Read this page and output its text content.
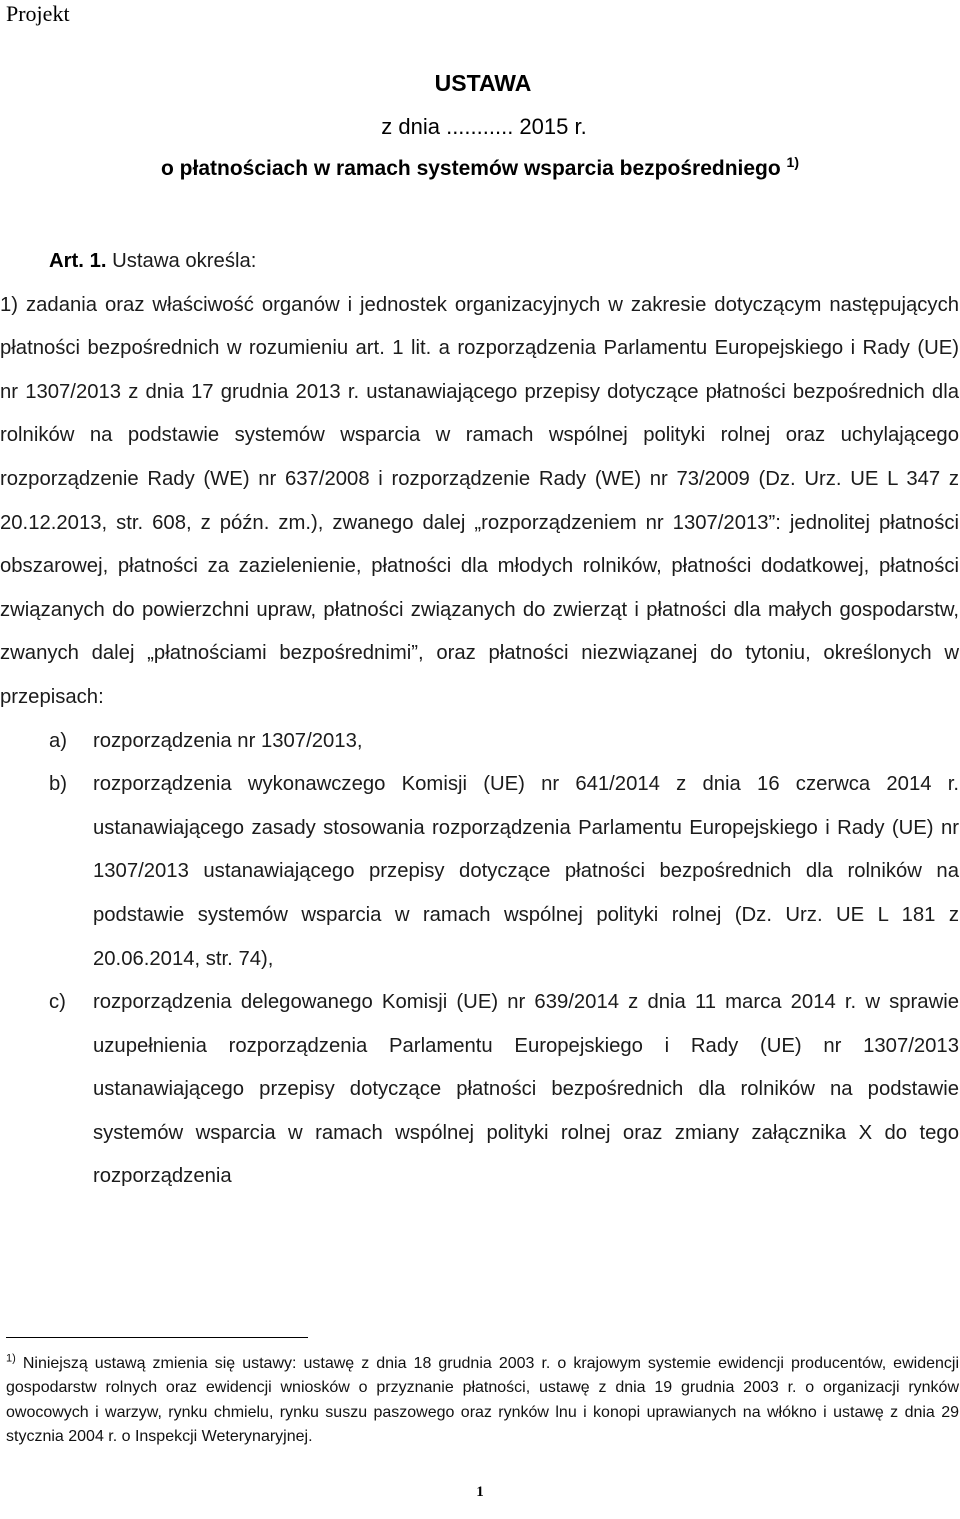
Projekt

USTAWA

z dnia ........... 2015 r.

o płatnościach w ramach systemów wsparcia bezpośredniego $^{1)}$

Art. 1. Ustawa określa:

1) zadania oraz właściwość organów i jednostek organizacyjnych w zakresie dotyczącym następujących płatności bezpośrednich w rozumieniu art. 1 lit. a rozporządzenia Parlamentu Europejskiego i Rady (UE) nr 1307/2013 z dnia 17 grudnia 2013 r. ustanawiającego przepisy dotyczące płatności bezpośrednich dla rolników na podstawie systemów wsparcia w ramach wspólnej polityki rolnej oraz uchylającego rozporządzenie Rady (WE) nr 637/2008 i rozporządzenie Rady (WE) nr 73/2009 (Dz. Urz. UE L 347 z 20.12.2013, str. 608, z późn. zm.), zwanego dalej „rozporządzeniem nr 1307/2013”: jednolitej płatności obszarowej, płatności za zazielenienie, płatności dla młodych rolników, płatności dodatkowej, płatności związanych do powierzchni upraw, płatności związanych do zwierząt i płatności dla małych gospodarstw, zwanych dalej „płatnościami bezpośrednimi”, oraz płatności niezwiązanej do tytoniu, określonych w przepisach:

a)	rozporządzenia nr 1307/2013,
b)	rozporządzenia wykonawczego Komisji (UE) nr 641/2014 z dnia 16 czerwca 2014 r. ustanawiającego zasady stosowania rozporządzenia Parlamentu Europejskiego i Rady (UE) nr 1307/2013 ustanawiającego przepisy dotyczące płatności bezpośrednich dla rolników na podstawie systemów wsparcia w ramach wspólnej polityki rolnej (Dz. Urz. UE L 181 z 20.06.2014, str. 74),
c)	rozporządzenia delegowanego Komisji (UE) nr 639/2014 z dnia 11 marca 2014 r. w sprawie uzupełnienia rozporządzenia Parlamentu Europejskiego i Rady (UE) nr 1307/2013 ustanawiającego przepisy dotyczące płatności bezpośrednich dla rolników na podstawie systemów wsparcia w ramach wspólnej polityki rolnej oraz zmiany załącznika X do tego rozporządzenia
$^{1)}$ Niniejszą ustawą zmienia się ustawy: ustawę z dnia 18 grudnia 2003 r. o krajowym systemie ewidencji producentów, ewidencji gospodarstw rolnych oraz ewidencji wniosków o przyznanie płatności, ustawę z dnia 19 grudnia 2003 r. o organizacji rynków owocowych i warzyw, rynku chmielu, rynku suszu paszowego oraz rynków lnu i konopi uprawianych na włókno i ustawę z dnia 29 stycznia 2004 r. o Inspekcji Weterynaryjnej.
1
